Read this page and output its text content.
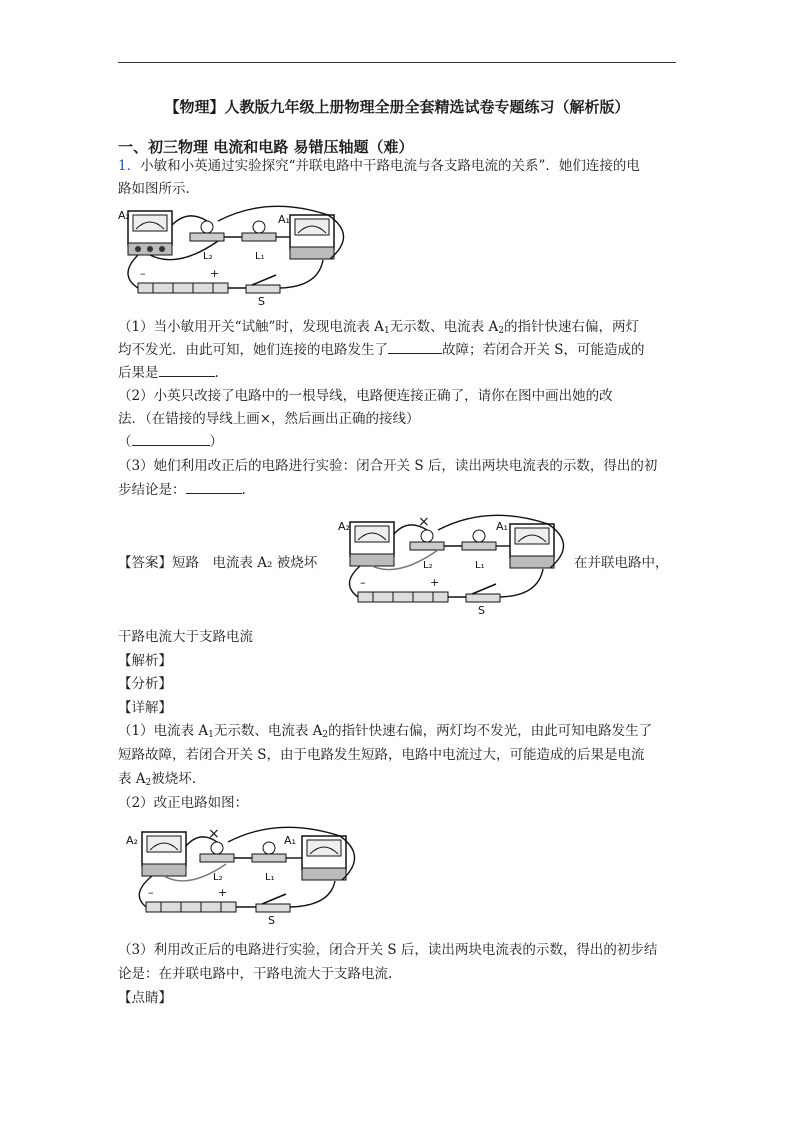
【物理】人教版九年级上册物理全册全套精选试卷专题练习（解析版）
一、初三物理 电流和电路 易错压轴题（难）

1．小敏和小英通过实验探究“并联电路中干路电流与各支路电流的关系”．她们连接的电

路如图所示.

A₂
L₂	L₁
A₁
–	+
S

（1）当小敏用开关“试触”时，发现电流表 $A_1$无示数、电流表 $A_2$的指针快速右偏，两灯

均不发光．由此可知，她们连接的电路发生了	故障；若闭合开关 S，可能造成的

后果是	.

（2）小英只改接了电路中的一根导线，电路便连接正确了，请你在图中画出她的改

法．（在错接的导线上画×，然后画出正确的接线）

（	）

（3）她们利用改正后的电路进行实验：闭合开关 S 后，读出两块电流表的示数，得出的初

步结论是：	.

【答案】短路　电流表 A₂ 被烧坏	在并联电路中，

A₂	×
L₂	L₁
A₁
–	+
S

干路电流大于支路电流

【解析】

【分析】

【详解】

（1）电流表 $A_1$无示数、电流表 $A_2$的指针快速右偏，两灯均不发光，由此可知电路发生了

短路故障，若闭合开关 S，由于电路发生短路，电路中电流过大，可能造成的后果是电流

表 $A_2$被烧坏.

（2）改正电路如图：

A₂	×
L₂	L₁
A₁
–	+
S

（3）利用改正后的电路进行实验，闭合开关 S 后，读出两块电流表的示数，得出的初步结

论是：在并联电路中，干路电流大于支路电流.

【点睛】
